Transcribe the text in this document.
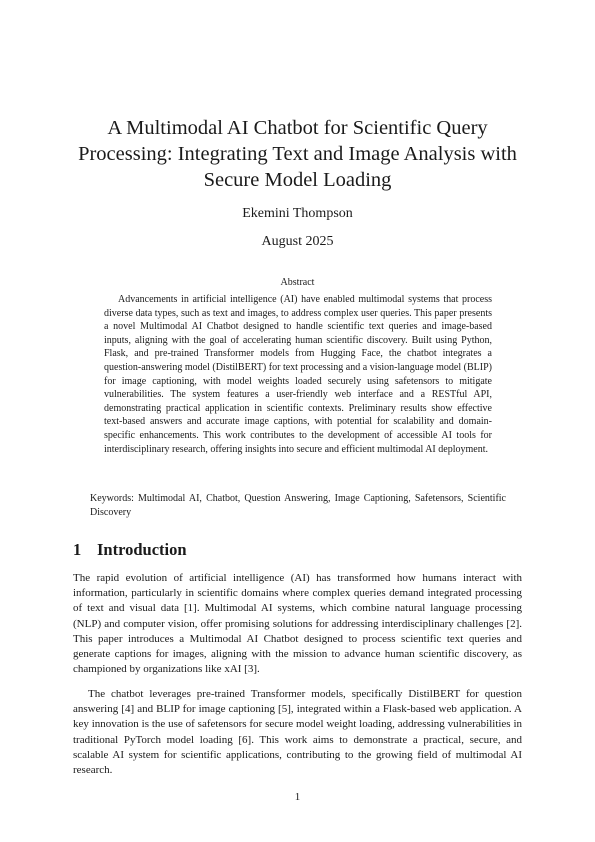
A Multimodal AI Chatbot for Scientific Query Processing: Integrating Text and Image Analysis with Secure Model Loading
Ekemini Thompson
August 2025
Abstract

Advancements in artificial intelligence (AI) have enabled multimodal systems that process diverse data types, such as text and images, to address complex user queries. This paper presents a novel Multimodal AI Chatbot designed to handle scientific text queries and image-based inputs, aligning with the goal of accelerating human scientific discovery. Built using Python, Flask, and pre-trained Transformer models from Hugging Face, the chatbot integrates a question-answering model (DistilBERT) for text processing and a vision-language model (BLIP) for image captioning, with model weights loaded securely using safetensors to mitigate vulnerabilities. The system features a user-friendly web interface and a RESTful API, demonstrating practical application in scientific contexts. Preliminary results show effective text-based answers and accurate image captions, with potential for scalability and domain-specific enhancements. This work contributes to the development of accessible AI tools for interdisciplinary research, offering insights into secure and efficient multimodal AI deployment.

Keywords: Multimodal AI, Chatbot, Question Answering, Image Captioning, Safetensors, Scientific Discovery

1 Introduction

The rapid evolution of artificial intelligence (AI) has transformed how humans interact with information, particularly in scientific domains where complex queries demand integrated processing of text and visual data [1]. Multimodal AI systems, which combine natural language processing (NLP) and computer vision, offer promising solutions for addressing interdisciplinary challenges [2]. This paper introduces a Multimodal AI Chatbot designed to process scientific text queries and generate captions for images, aligning with the mission to advance human scientific discovery, as championed by organizations like xAI [3].

The chatbot leverages pre-trained Transformer models, specifically DistilBERT for question answering [4] and BLIP for image captioning [5], integrated within a Flask-based web application. A key innovation is the use of safetensors for secure model weight loading, addressing vulnerabilities in traditional PyTorch model loading [6]. This work aims to demonstrate a practical, secure, and scalable AI system for scientific applications, contributing to the growing field of multimodal AI research.

1
